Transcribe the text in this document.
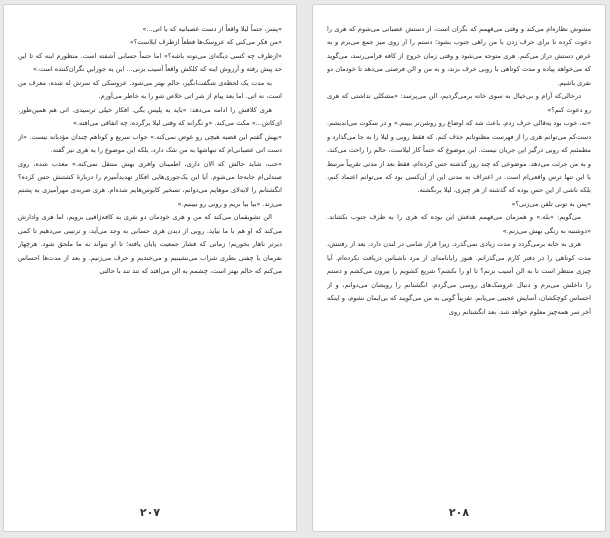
«پسر، حتماً لیلا واقعاً از دست عصبانیه که با اتی...»

«من فکر می‌کنی که عروسک‌ها قطعاً ازطرف ایلاست؟»

«ازطرف چه کسی دیگه‌ای می‌تونه باشه؟» اما حتماً حسابی آشفته است. منظورم اینه که تا این حد پیش رفته و آرزوش اینه که کلکش واقعاً آسیب بزنی... این یه جوراییِ نگران‌کننده است.»

به مدت یک لحظه‌ی شگفت‌انگیز، حالم بهتر می‌شود. عروسکی که سرش له شده، معرف من است، نه اتی. اما بعد پیام از شر اتی خلاص شو را به خاطر می‌آورم.

هری کلافش را ادامه می‌دهد: «باید به پلیس بگی. افکار خیلی ترسیدی. اتی هم همین‌طور. ای‌کاش...» مکث می‌کند. «و نگرانه که وقتی لیلا برگرده، چه اتفاقی می‌افته.»

«بهش گفتم این قضیه هیچی رو عوض نمی‌کنه.» جواب سریع و کوتاهم چندان مؤدبانه نیست. «از دست اتی عصبانی‌ام که تنهاشها به من شک دارد، بلکه این موضوع را به هری نیز گفته.

«خب، شاید حالش که الان داری، اطمینان وافری بهش منتقل نمی‌کنه.» معذب شده، روی صندلی‌ام جابه‌جا می‌شوم. آیا این یک‌جوری‌هایی افکار تهدیدآمیزم را دربارهٔ کشتنش حس کرده؟ انگشتانم را لابه‌لای موهایم می‌دوانم، تسخیر کابوس‌هایم شده‌ام. هری ضربه‌ی مهرآمیزی به پشتم می‌زند. «بیا بیا بریم و روبی رو ببینیم.»

الن تشویقمان می‌کند که من و هری خودمان دو نفری به کافه‌ژافیی برویم، اما هری وادارش می‌کند که او هم با ما بیاید. روبی از دیدن هری حسابی به وجد می‌آید، و ترتیبی می‌دهیم تا کمی دیرتر ناهار بخوریم؛ زمانی که فشار جمعیت پایان یافته؛ تا او بتواند به ما ملحق شود. هرچهار نفرمان با چفتی بطری شراب می‌نشینیم و می‌خندیم و حرف می‌زنیم. و بعد از مدت‌ها احساس می‌کنم که حالم بهتر است، چشمم به الن می‌افتد که تند تند با حالتی

۲۰۷

مشوش نظاره‌ام می‌کند و وقتی می‌فهمم که نگران است، از دستش عصبانی می‌شوم که هری را دعوت کرده تا برای حرف زدن با من راهی جنوب بشود؛ دستم را از روی میز جمع می‌برم و به عرض دستش دراز می‌کنم. هری متوجه می‌شود و وقتی زمان خروج از کافه فرامی‌رسد، می‌گوید که می‌خواهد پیاده و مدت کوتاهی با روبی حرف بزند، و به من و الن فرصتی می‌دهد تا خودمان دو نفری باشیم.

درحالی‌که آرام و بی‌خیال به سوی خانه برمی‌گردیم، الن می‌پرسد: «مشکلی نداشتی که هری رو دعوت کنم؟»

«نه، خوب بود یه‌قالی حرف زدم. باعث شد که اوضاع رو روشن‌تر ببینم.» و در سکوت می‌اندیشم. دست‌کم می‌توانم هری را از فهرست مظنونانم حذف کنم. که فقط روبی و لیلا را به جا می‌گذارد و مطمئنم که روبی درگیر این جریان نیست. این موضوع که حتماً کار لیلاست، حالم را راحت می‌کند، و به من جرئت می‌دهد. موضوعی که چند روز گذشته حس کرده‌ام، فقط بعد از مدتی تقریباً مرتبط با این تنها ترس واقعی‌ام است. در اعتراف به مدتی این از آن‌کسی بود که می‌توانم اعتماد کنم، بلکه ناشی از این حس بوده که گذشته از هر چیزی، لیلا برنگشته.

«پس به تونی تلفن می‌زنی؟»

می‌گویم: «بله.» و همزمان می‌فهمم هدفش این بوده که هری را به طرف جنوب بکشاند. «دوشنبه به زنگی بهش می‌زنم.»

هری به خانه برمی‌گردد و مدت زیادی نمی‌گذرد، زیرا قرار شامی در لندن دارد. بعد از رفتنش، مدت کوتاهی را در دفتر کارم می‌گذرانم. هنوز رایانامه‌ای از مرد ناشناس دریافت نکرده‌ام. آیا چیزی منتظر است تا به الن آسیب بزنم؟ تا او را بکشم؟ شریع کشویم را بیرون می‌کشم و دستم را داخلش می‌برم و دنبال عروسک‌های روسی می‌گردم. انگشتانم را رویشان می‌دوانم، و از احساس کوچکشان، آسایش عجیبی می‌یابم. تقریباً گویی به من می‌گویند که بی‌ایمان نشوم، و اینکه آخر سر همه‌چیز معلوم خواهد شد. بعد انگشتانم روی

۲۰۸
